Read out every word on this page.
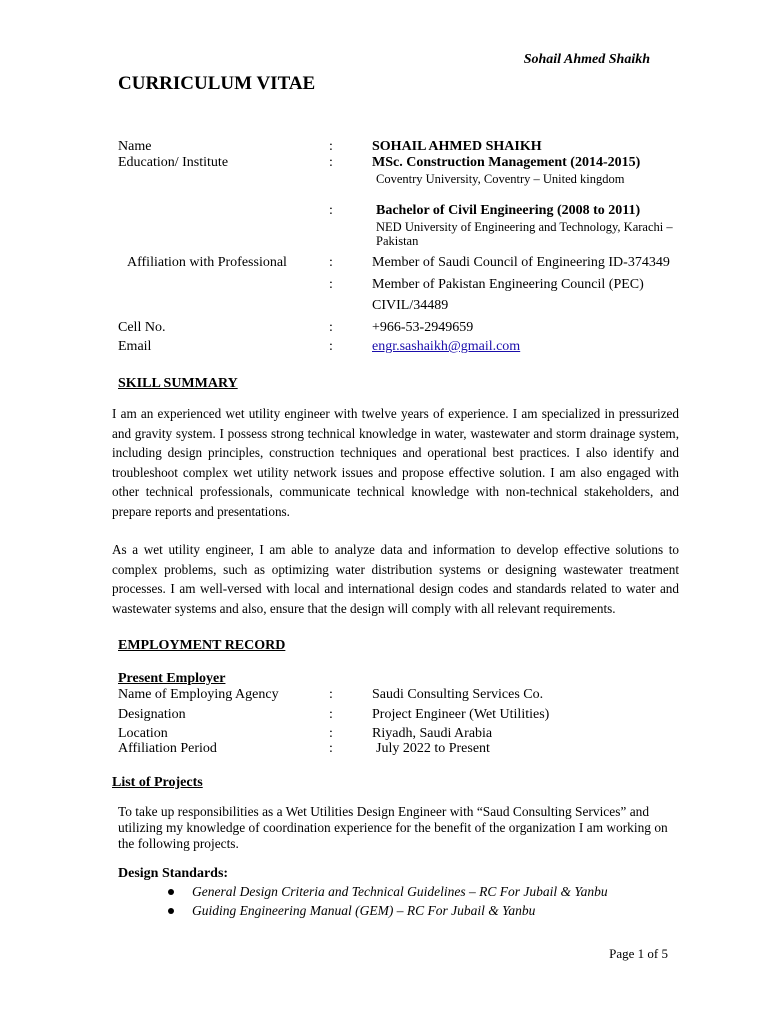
Sohail Ahmed Shaikh
CURRICULUM VITAE
Name	:	SOHAIL AHMED SHAIKH
Education/ Institute	:	MSc. Construction Management (2014-2015)
Coventry University, Coventry – United kingdom
:	Bachelor of Civil Engineering (2008 to 2011)
NED University of Engineering and Technology, Karachi –
Pakistan
Affiliation with Professional	:	Member of Saudi Council of Engineering ID-374349
:	Member of Pakistan Engineering Council (PEC)
CIVIL/34489
Cell No.	:	+966-53-2949659
Email	:	engr.sashaikh@gmail.com
SKILL SUMMARY
I am an experienced wet utility engineer with twelve years of experience. I am specialized in pressurized and gravity system. I possess strong technical knowledge in water, wastewater and storm drainage system, including design principles, construction techniques and operational best practices. I also identify and troubleshoot complex wet utility network issues and propose effective solution. I am also engaged with other technical professionals, communicate technical knowledge with non-technical stakeholders, and prepare reports and presentations.
As a wet utility engineer, I am able to analyze data and information to develop effective solutions to complex problems, such as optimizing water distribution systems or designing wastewater treatment processes. I am well-versed with local and international design codes and standards related to water and wastewater systems and also, ensure that the design will comply with all relevant requirements.
EMPLOYMENT RECORD
Present Employer
Name of Employing Agency	:	Saudi Consulting Services Co.
Designation	:	Project Engineer (Wet Utilities)
Location	:	Riyadh, Saudi Arabia
Affiliation Period	:	July 2022 to Present
List of Projects
To take up responsibilities as a Wet Utilities Design Engineer with “Saud Consulting Services” and utilizing my knowledge of coordination experience for the benefit of the organization I am working on the following projects.
Design Standards:
General Design Criteria and Technical Guidelines – RC For Jubail & Yanbu
Guiding Engineering Manual (GEM) – RC For Jubail & Yanbu
Page 1 of 5
